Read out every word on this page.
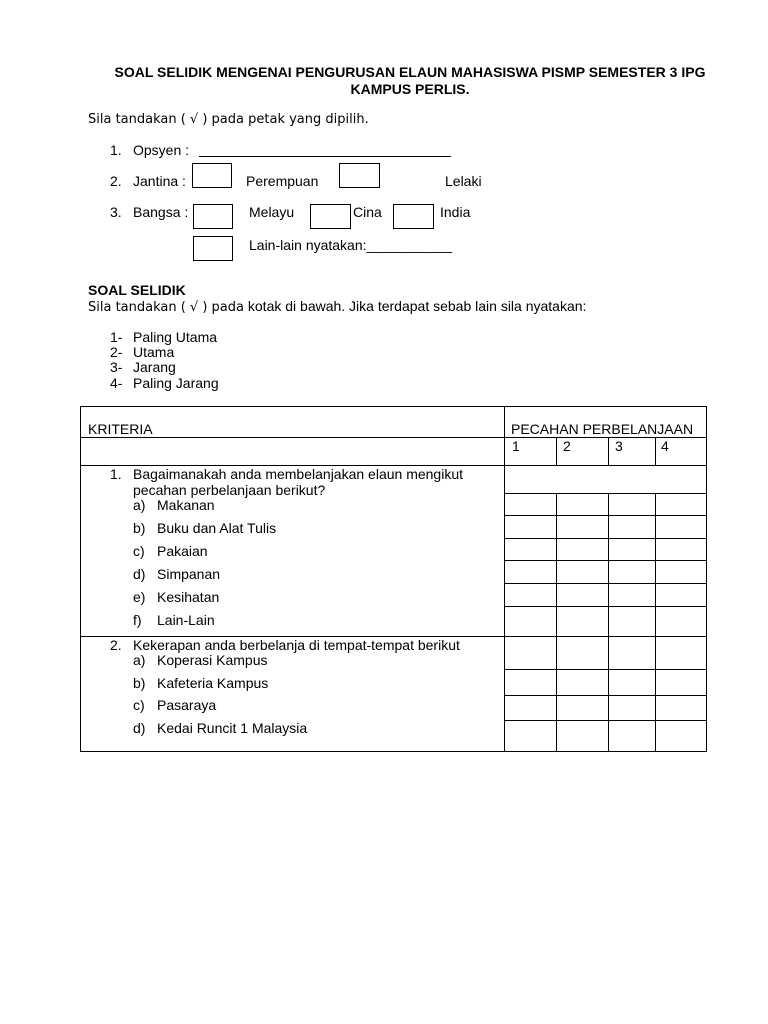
SOAL SELIDIK MENGENAI PENGURUSAN ELAUN MAHASISWA PISMP SEMESTER 3 IPG
KAMPUS PERLIS.
Sila tandakan ( √ ) pada petak yang dipilih.
1. Opsyen :
2. Jantina :	Perempuan	Lelaki
3. Bangsa :	Melayu	Cina	India
Lain-lain nyatakan:___________
SOAL SELIDIK
Sila tandakan ( √ ) pada kotak di bawah. Jika terdapat sebab lain sila nyatakan:
1- Paling Utama
2- Utama
3- Jarang
4- Paling Jarang
KRITERIA	PECAHAN PERBELANJAAN
1	2	3	4
1. Bagaimanakah anda membelanjakan elaun mengikut
pecahan perbelanjaan berikut?
a) Makanan
b) Buku dan Alat Tulis
c) Pakaian
d) Simpanan
e) Kesihatan
f) Lain-Lain
2. Kekerapan anda berbelanja di tempat-tempat berikut
a) Koperasi Kampus
b) Kafeteria Kampus
c) Pasaraya
d) Kedai Runcit 1 Malaysia
